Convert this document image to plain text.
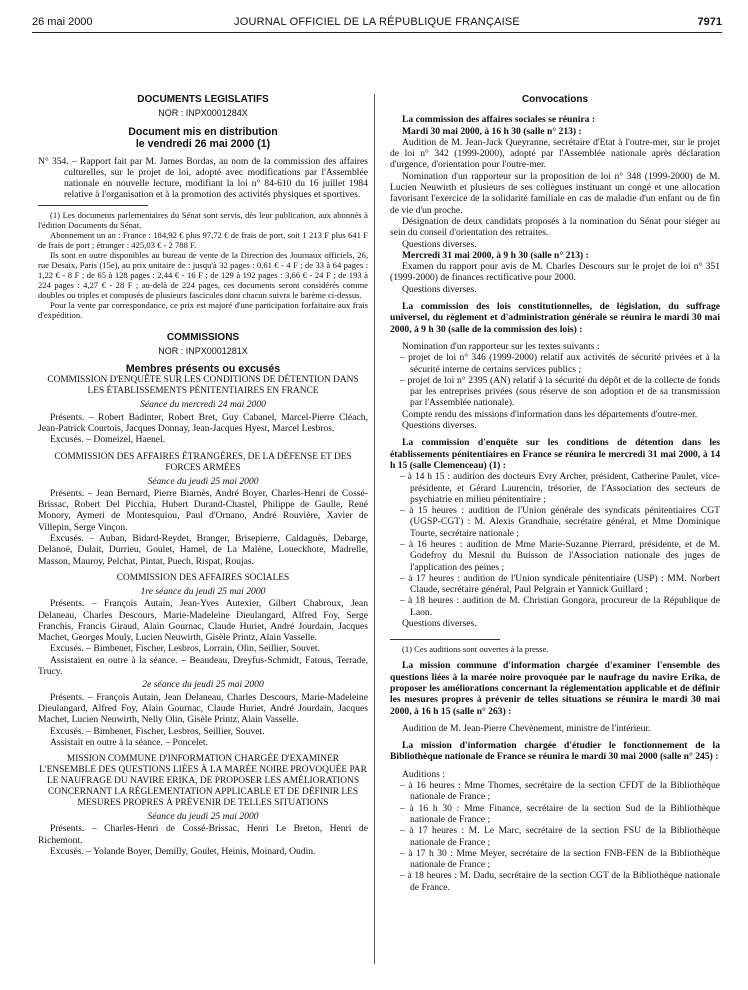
26 mai 2000	JOURNAL OFFICIEL DE LA RÉPUBLIQUE FRANÇAISE	7971

DOCUMENTS LÉGISLATIFS

NOR : INPX0001284X

Document mis en distribution

le vendredi 26 mai 2000 (1)

N° 354. – Rapport fait par M. James Bordas, au nom de la commission des affaires culturelles, sur le projet de loi, adopté avec modifications par l'Assemblée nationale en nouvelle lecture, modifiant la loi n° 84-610 du 16 juillet 1984 relative à l'organisation et à la promotion des activités physiques et sportives.

(1) Les documents parlementaires du Sénat sont servis, dès leur publication, aux abonnés à l'édition Documents du Sénat.

Abonnement un an : France : 184,92 € plus 97,72 € de frais de port, soit 1 213 F plus 641 F de frais de port ; étranger : 425,03 € - 2 788 F.

Ils sont en outre disponibles au bureau de vente de la Direction des Journaux officiels, 26, rue Desaix, Paris (15e), au prix unitaire de : jusqu'à 32 pages : 0,61 € - 4 F ; de 33 à 64 pages : 1,22 € - 8 F ; de 65 à 128 pages : 2,44 € - 16 F ; de 129 à 192 pages : 3,66 € - 24 F ; de 193 à 224 pages : 4,27 € - 28 F ; au-delà de 224 pages, ces documents seront considérés comme doubles ou triples et composés de plusieurs fascicules dont chacun suivra le barème ci-dessus.

Pour la vente par correspondance, ce prix est majoré d'une participation forfaitaire aux frais d'expédition.

COMMISSIONS

NOR : INPX0001281X

Membres présents ou excusés

COMMISSION D'ENQUÊTE SUR LES CONDITIONS DE DÉTENTION DANS LES ÉTABLISSEMENTS PÉNITENTIAIRES EN FRANCE

Séance du mercredi 24 mai 2000

Présents. – Robert Badinter, Robert Bret, Guy Cabanel, Marcel-Pierre Cléach, Jean-Patrick Courtois, Jacques Donnay, Jean-Jacques Hyest, Marcel Lesbros.

Excusés. – Domeizel, Haenel.

COMMISSION DES AFFAIRES ÉTRANGÈRES, DE LA DÉFENSE ET DES FORCES ARMÉES

Séance du jeudi 25 mai 2000

Présents. – Jean Bernard, Pierre Biarnès, André Boyer, Charles-Henri de Cossé-Brissac, Robert Del Picchia, Hubert Durand-Chastel, Philippe de Gaulle, René Monory, Aymeri de Montesquiou, Paul d'Ornano, André Rouvière, Xavier de Villepin, Serge Vinçon.

Excusés. – Auban, Bidard-Reydet, Branger, Brisepierre, Caldaguès, Debarge, Delanoë, Dulait, Durrieu, Goulet, Hamel, de La Malène, Loueckhote, Madrelle, Masson, Mauroy, Pelchat, Pintat, Puech, Rispat, Roujas.

COMMISSION DES AFFAIRES SOCIALES

1re séance du jeudi 25 mai 2000

Présents. – François Autain, Jean-Yves Autexier, Gilbert Chabroux, Jean Delaneau, Charles Descours, Marie-Madeleine Dieulangard, Alfred Foy, Serge Franchis, Francis Giraud, Alain Gournac, Claude Huriet, André Jourdain, Jacques Machet, Georges Mouly, Lucien Neuwirth, Gisèle Printz, Alain Vasselle.

Excusés. – Bimbenet, Fischer, Lesbros, Lorrain, Olin, Seillier, Souvet.

Assistaient en outre à la séance. – Beaudeau, Dreyfus-Schmidt, Fatous, Terrade, Trucy.

2e séance du jeudi 25 mai 2000

Présents. – François Autain, Jean Delaneau, Charles Descours, Marie-Madeleine Dieulangard, Alfred Foy, Alain Gournac, Claude Huriet, André Jourdain, Jacques Machet, Lucien Neuwirth, Nelly Olin, Gisèle Printz, Alain Vasselle.

Excusés. – Bimbenet, Fischer, Lesbros, Seillier, Souvet.

Assistait en outre à la séance. – Poncelet.

MISSION COMMUNE D'INFORMATION CHARGÉE D'EXAMINER L'ENSEMBLE DES QUESTIONS LIÉES À LA MARÉE NOIRE PROVOQUÉE PAR LE NAUFRAGE DU NAVIRE ERIKA, DE PROPOSER LES AMÉLIORATIONS CONCERNANT LA RÉGLEMENTATION APPLICABLE ET DE DÉFINIR LES MESURES PROPRES À PRÉVENIR DE TELLES SITUATIONS

Séance du jeudi 25 mai 2000

Présents. – Charles-Henri de Cossé-Brissac, Henri Le Breton, Henri de Richemont.

Excusés. – Yolande Boyer, Demilly, Goulet, Heinis, Moinard, Oudin.

Convocations

La commission des affaires sociales se réunira :

Mardi 30 mai 2000, à 16 h 30 (salle n° 213) :

Audition de M. Jean-Jack Queyranne, secrétaire d'Etat à l'outre-mer, sur le projet de loi n° 342 (1999-2000), adopté par l'Assemblée nationale après déclaration d'urgence, d'orientation pour l'outre-mer.

Nomination d'un rapporteur sur la proposition de loi n° 348 (1999-2000) de M. Lucien Neuwirth et plusieurs de ses collègues instituant un congé et une allocation favorisant l'exercice de la solidarité familiale en cas de maladie d'un enfant ou de fin de vie d'un proche.

Désignation de deux candidats proposés à la nomination du Sénat pour siéger au sein du conseil d'orientation des retraites.

Questions diverses.

Mercredi 31 mai 2000, à 9 h 30 (salle n° 213) :

Examen du rapport pour avis de M. Charles Descours sur le projet de loi n° 351 (1999-2000) de finances rectificative pour 2000.

Questions diverses.

La commission des lois constitutionnelles, de législation, du suffrage universel, du règlement et d'administration générale se réunira le mardi 30 mai 2000, à 9 h 30 (salle de la commission des lois) :

Nomination d'un rapporteur sur les textes suivants :

– projet de loi n° 346 (1999-2000) relatif aux activités de sécurité privées et à la sécurité interne de certains services publics ;

– projet de loi n° 2395 (AN) relatif à la sécurité du dépôt et de la collecte de fonds par les entreprises privées (sous réserve de son adoption et de sa transmission par l'Assemblée nationale).

Compte rendu des missions d'information dans les départements d'outre-mer.

Questions diverses.

La commission d'enquête sur les conditions de détention dans les établissements pénitentiaires en France se réunira le mercredi 31 mai 2000, à 14 h 15 (salle Clemenceau) (1) :

– à 14 h 15 : audition des docteurs Evry Archer, président, Catherine Paulet, vice-présidente, et Gérard Laurencin, trésorier, de l'Association des secteurs de psychiatrie en milieu pénitentiaire ;

– à 15 heures : audition de l'Union générale des syndicats pénitentiaires CGT (UGSP-CGT) : M. Alexis Grandhaie, secrétaire général, et Mme Dominique Tourte, secrétaire nationale ;

– à 16 heures : audition de Mme Marie-Suzanne Pierrard, présidente, et de M. Godefroy du Mesnil du Buisson de l'Association nationale des juges de l'application des peines ;

– à 17 heures : audition de l'Union syndicale pénitentiaire (USP) : MM. Norbert Claude, secrétaire général, Paul Pelgrain et Yannick Guillard ;

– à 18 heures : audition de M. Christian Gongora, procureur de la République de Laon.

Questions diverses.

(1) Ces auditions sont ouvertes à la presse.

La mission commune d'information chargée d'examiner l'ensemble des questions liées à la marée noire provoquée par le naufrage du navire Erika, de proposer les améliorations concernant la réglementation applicable et de définir les mesures propres à prévenir de telles situations se réunira le mardi 30 mai 2000, à 16 h 15 (salle n° 263) :

Audition de M. Jean-Pierre Chevènement, ministre de l'intérieur.

La mission d'information chargée d'étudier le fonctionnement de la Bibliothèque nationale de France se réunira le mardi 30 mai 2000 (salle n° 245) :

Auditions :

– à 16 heures : Mme Thomes, secrétaire de la section CFDT de la Bibliothèque nationale de France ;

– à 16 h 30 : Mme Finance, secrétaire de la section Sud de la Bibliothèque nationale de France ;

– à 17 heures : M. Le Marc, secrétaire de la section FSU de la Bibliothèque nationale de France ;

– à 17 h 30 : Mme Meyer, secrétaire de la section FNB-FEN de la Bibliothèque nationale de France ;

– à 18 heures : M. Dadu, secrétaire de la section CGT de la Bibliothèque nationale de France.
